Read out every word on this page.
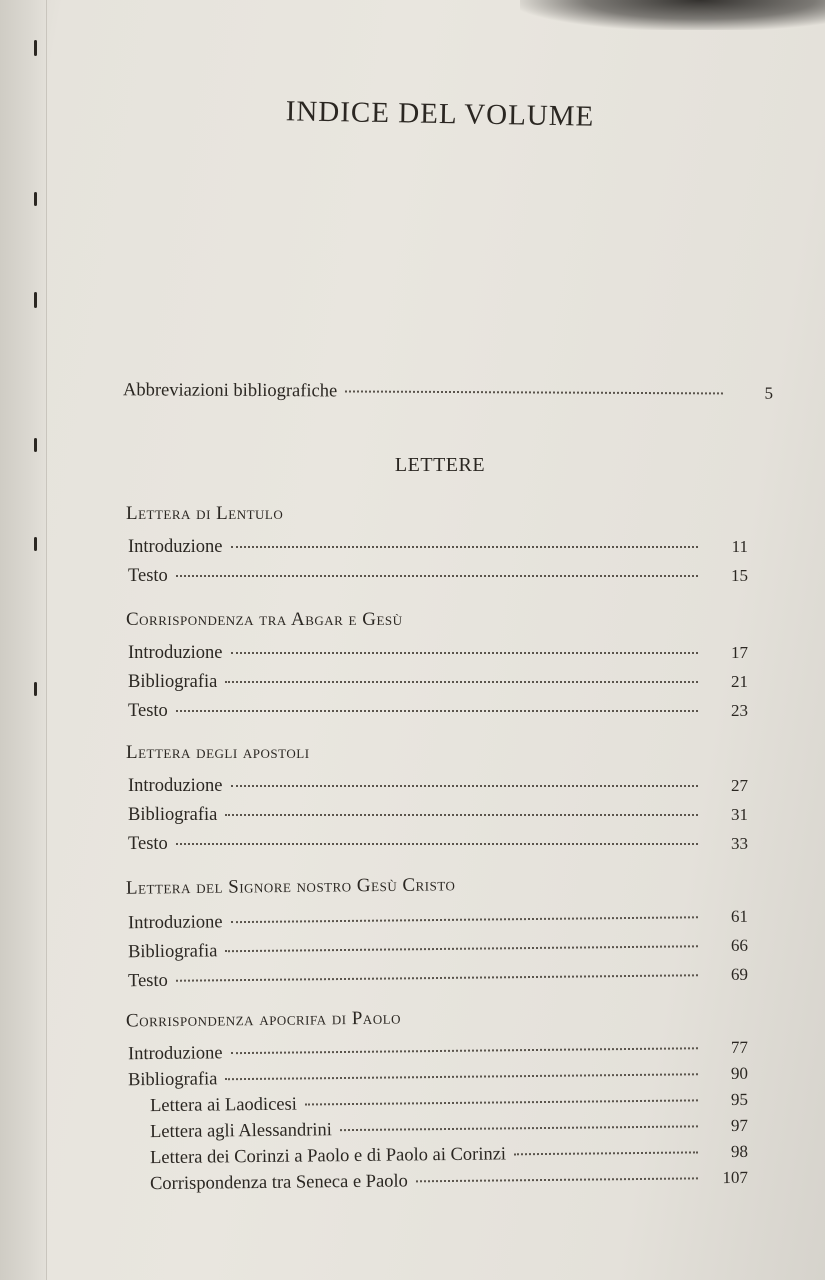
INDICE DEL VOLUME
Abbreviazioni bibliografiche	5
LETTERE
Lettera di Lentulo
Introduzione	11
Testo	15
Corrispondenza tra Abgar e Gesù
Introduzione	17
Bibliografia	21
Testo	23
Lettera degli apostoli
Introduzione	27
Bibliografia	31
Testo	33
Lettera del Signore nostro Gesù Cristo
Introduzione	61
Bibliografia	66
Testo	69
Corrispondenza apocrifa di Paolo
Introduzione	77
Bibliografia	90
Lettera ai Laodicesi	95
Lettera agli Alessandrini	97
Lettera dei Corinzi a Paolo e di Paolo ai Corinzi	98
Corrispondenza tra Seneca e Paolo	107
